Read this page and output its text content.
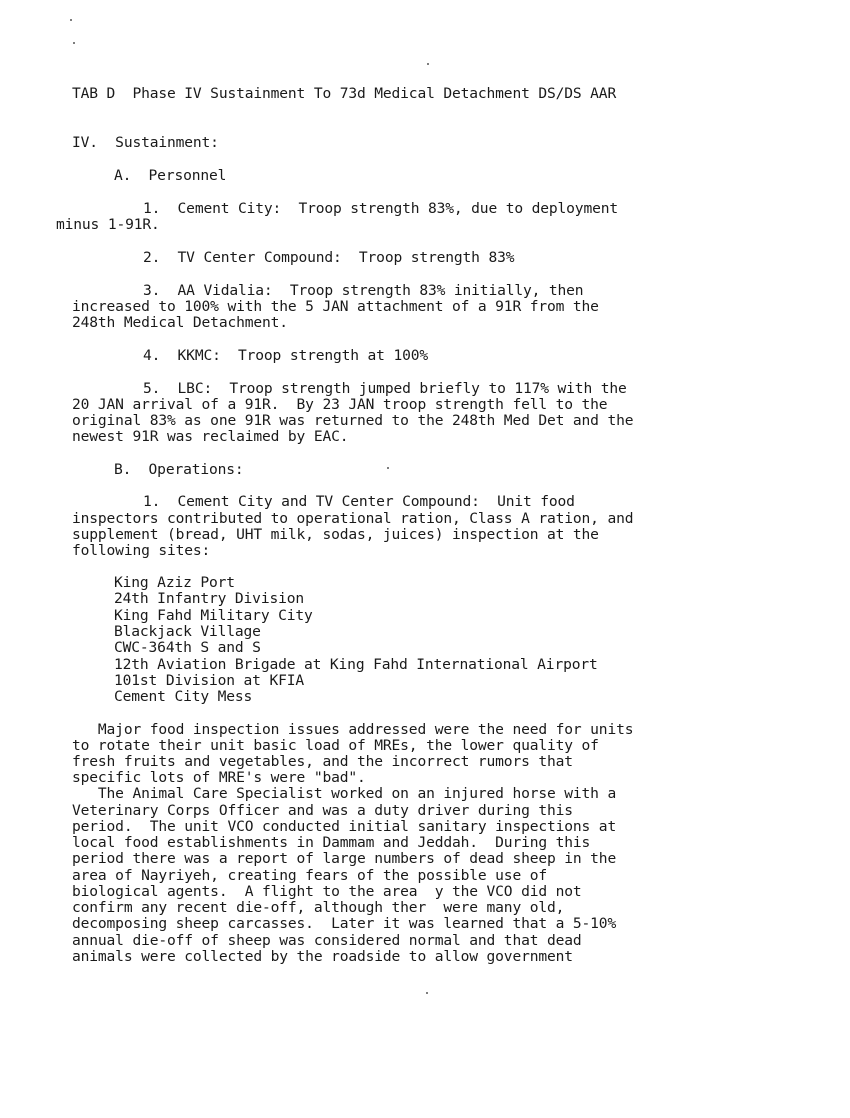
TAB D  Phase IV Sustainment To 73d Medical Detachment DS/DS AAR
IV.  Sustainment:
A.  Personnel
1.  Cement City:  Troop strength 83%, due to deployment
minus 1-91R.
2.  TV Center Compound:  Troop strength 83%
3.  AA Vidalia:  Troop strength 83% initially, then
increased to 100% with the 5 JAN attachment of a 91R from the
248th Medical Detachment.
4.  KKMC:  Troop strength at 100%
5.  LBC:  Troop strength jumped briefly to 117% with the
20 JAN arrival of a 91R.  By 23 JAN troop strength fell to the
original 83% as one 91R was returned to the 248th Med Det and the
newest 91R was reclaimed by EAC.
B.  Operations:
1.  Cement City and TV Center Compound:  Unit food
inspectors contributed to operational ration, Class A ration, and
supplement (bread, UHT milk, sodas, juices) inspection at the
following sites:
King Aziz Port
24th Infantry Division
King Fahd Military City
Blackjack Village
CWC-364th S and S
12th Aviation Brigade at King Fahd International Airport
101st Division at KFIA
Cement City Mess
Major food inspection issues addressed were the need for units
to rotate their unit basic load of MREs, the lower quality of
fresh fruits and vegetables, and the incorrect rumors that
specific lots of MRE's were "bad".
The Animal Care Specialist worked on an injured horse with a
Veterinary Corps Officer and was a duty driver during this
period.  The unit VCO conducted initial sanitary inspections at
local food establishments in Dammam and Jeddah.  During this
period there was a report of large numbers of dead sheep in the
area of Nayriyeh, creating fears of the possible use of
biological agents.  A flight to the area  y the VCO did not
confirm any recent die-off, although ther  were many old,
decomposing sheep carcasses.  Later it was learned that a 5-10%
annual die-off of sheep was considered normal and that dead
animals were collected by the roadside to allow government
